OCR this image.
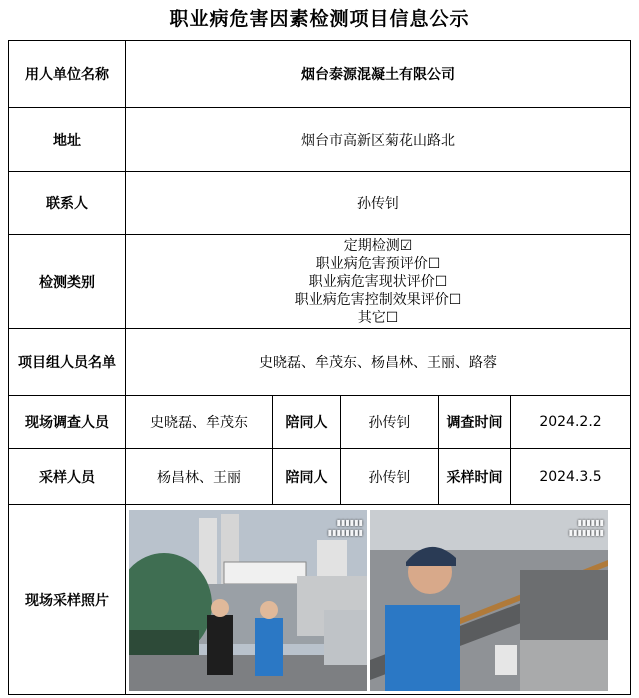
职业病危害因素检测项目信息公示
用人单位名称	烟台泰源混凝土有限公司				
地址	烟台市高新区菊花山路北				
联系人	孙传钊				
检测类别	定期检测☑
职业病危害预评价☐
职业病危害现状评价☐
职业病危害控制效果评价☐
其它☐				

项目组人员名单	史晓磊、牟茂东、杨昌林、王丽、路蓉				
现场调查人员	史晓磊、牟茂东	陪同人	孙传钊	调查时间	2024.2.2
采样人员	杨昌林、王丽	陪同人	孙传钊	采样时间	2024.3.5
现场采样照片	▮▮▮▮▮▮
▮▮▮▮▮▮▮▮
▮▮▮▮▮▮
▮▮▮▮▮▮▮▮				
